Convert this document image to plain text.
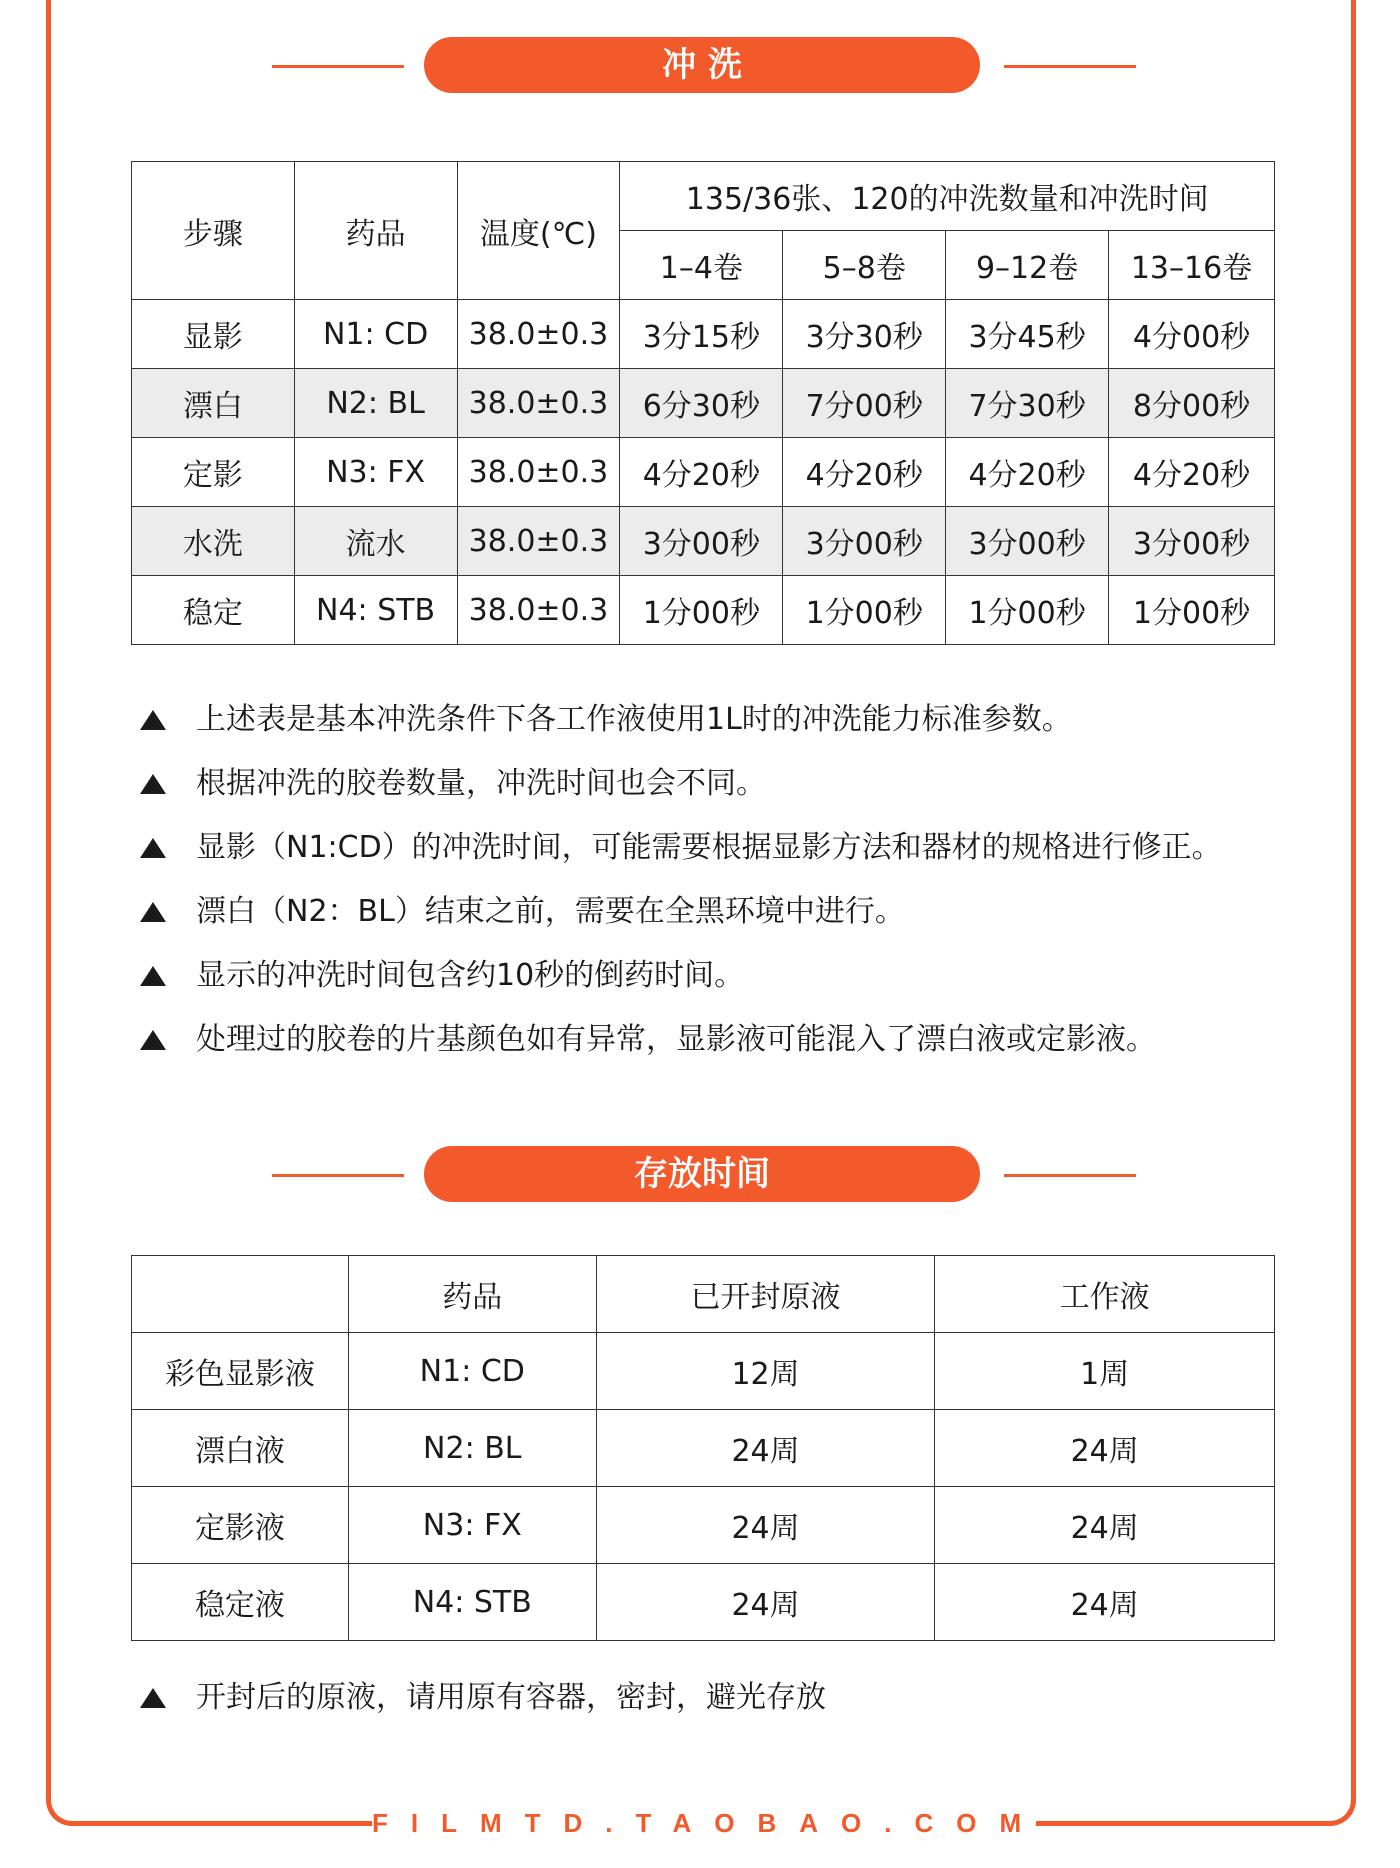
FILMTD.TAOBAO.COM
冲 洗
步骤	药品	温度(℃)	135/36张、120的冲洗数量和冲洗时间			
			1–4卷	5–8卷	9–12卷	13–16卷
显影	N1: CD	38.0±0.3	3分15秒	3分30秒	3分45秒	4分00秒
漂白	N2: BL	38.0±0.3	6分30秒	7分00秒	7分30秒	8分00秒
定影	N3: FX	38.0±0.3	4分20秒	4分20秒	4分20秒	4分20秒
水洗	流水	38.0±0.3	3分00秒	3分00秒	3分00秒	3分00秒
稳定	N4: STB	38.0±0.3	1分00秒	1分00秒	1分00秒	1分00秒
上述表是基本冲洗条件下各工作液使用1L时的冲洗能力标准参数。
根据冲洗的胶卷数量，冲洗时间也会不同。
显影（N1:CD）的冲洗时间，可能需要根据显影方法和器材的规格进行修正。
漂白（N2：BL）结束之前，需要在全黑环境中进行。
显示的冲洗时间包含约10秒的倒药时间。
处理过的胶卷的片基颜色如有异常，显影液可能混入了漂白液或定影液。
存放时间
	药品	已开封原液	工作液
彩色显影液	N1: CD	12周	1周
漂白液	N2: BL	24周	24周
定影液	N3: FX	24周	24周
稳定液	N4: STB	24周	24周
开封后的原液，请用原有容器，密封，避光存放
